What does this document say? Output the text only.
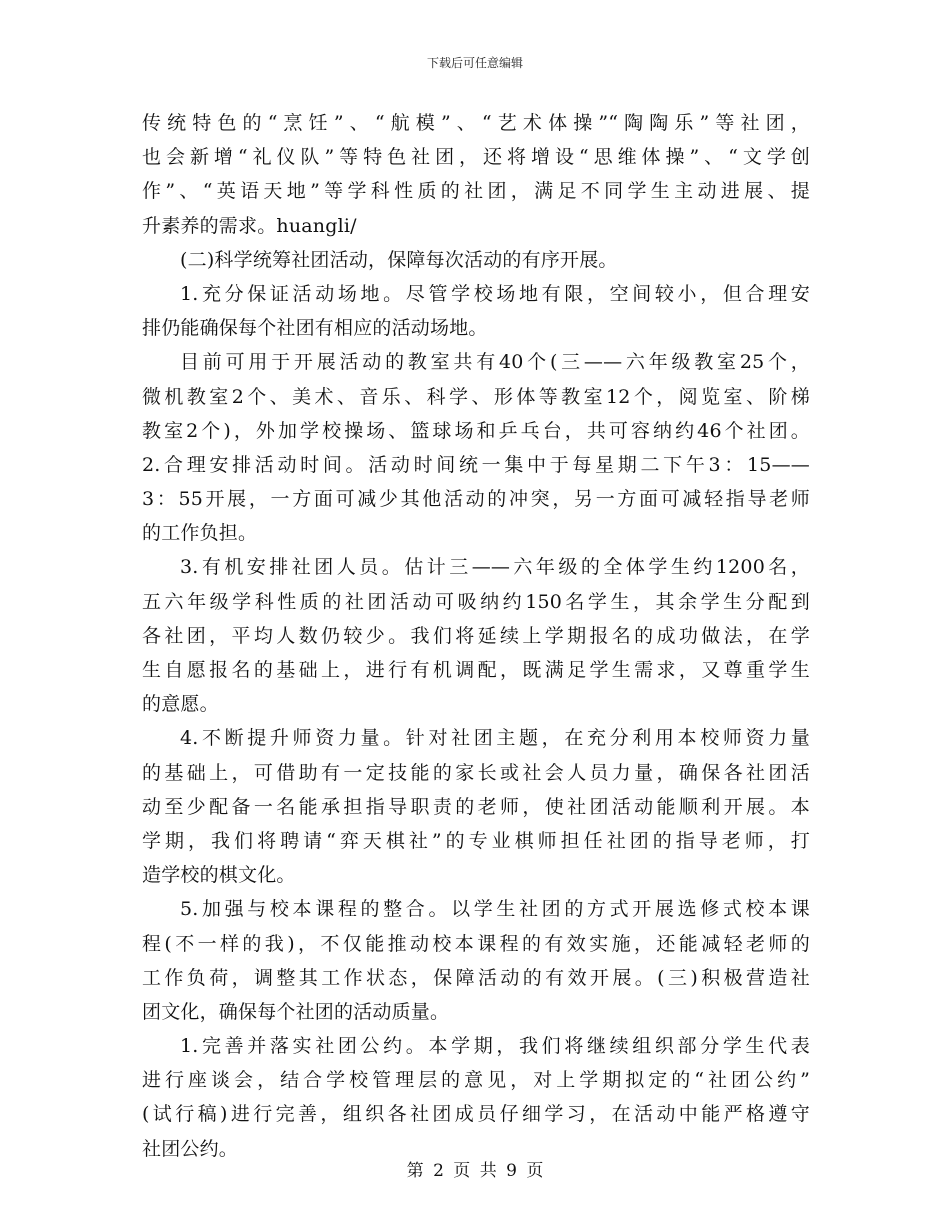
下载后可任意编辑
传统特色的“烹饪”、“航模”、“艺术体操”“陶陶乐”等社团，
也会新增“礼仪队”等特色社团，还将增设“思维体操”、“文学创
作”、“英语天地”等学科性质的社团，满足不同学生主动进展、提
升素养的需求。huangli/
(二)科学统筹社团活动，保障每次活动的有序开展。
1.充分保证活动场地。尽管学校场地有限，空间较小，但合理安
排仍能确保每个社团有相应的活动场地。
目前可用于开展活动的教室共有40个(三——六年级教室25个，
微机教室2个、美术、音乐、科学、形体等教室12个，阅览室、阶梯
教室2个)，外加学校操场、篮球场和乒乓台，共可容纳约46个社团。
2.合理安排活动时间。活动时间统一集中于每星期二下午3：15——
3：55开展，一方面可减少其他活动的冲突，另一方面可减轻指导老师
的工作负担。
3.有机安排社团人员。估计三——六年级的全体学生约1200名，
五六年级学科性质的社团活动可吸纳约150名学生，其余学生分配到
各社团，平均人数仍较少。我们将延续上学期报名的成功做法，在学
生自愿报名的基础上，进行有机调配，既满足学生需求，又尊重学生
的意愿。
4.不断提升师资力量。针对社团主题，在充分利用本校师资力量
的基础上，可借助有一定技能的家长或社会人员力量，确保各社团活
动至少配备一名能承担指导职责的老师，使社团活动能顺利开展。本
学期，我们将聘请“弈天棋社”的专业棋师担任社团的指导老师，打
造学校的棋文化。
5.加强与校本课程的整合。以学生社团的方式开展选修式校本课
程(不一样的我)，不仅能推动校本课程的有效实施，还能减轻老师的
工作负荷，调整其工作状态，保障活动的有效开展。(三)积极营造社
团文化，确保每个社团的活动质量。
1.完善并落实社团公约。本学期，我们将继续组织部分学生代表
进行座谈会，结合学校管理层的意见，对上学期拟定的“社团公约”
(试行稿)进行完善，组织各社团成员仔细学习，在活动中能严格遵守
社团公约。
第 2 页 共 9 页
